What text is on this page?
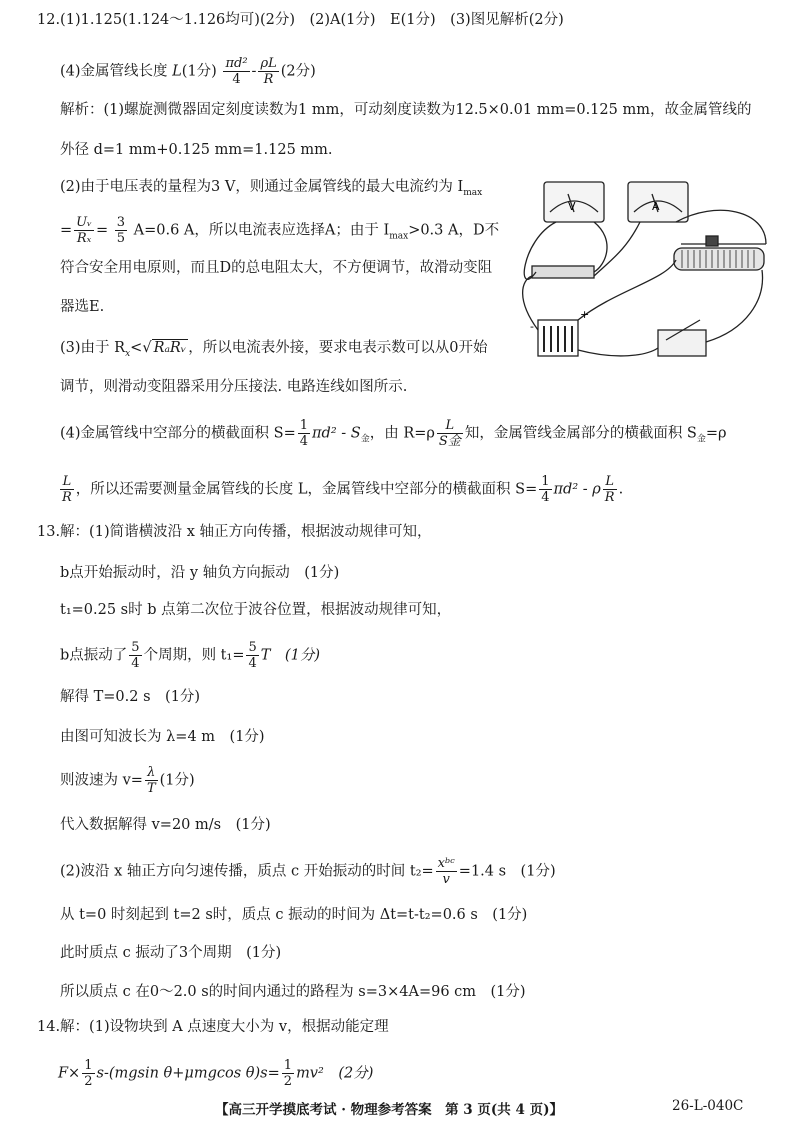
12.(1)1.125(1.124～1.126均可)(2分)　(2)A(1分)　E(1分)　(3)图见解析(2分)
(4)金属管线长度 L(1分) $\frac{\text{πd²}}{4} - \frac{\rho L}{R} (2$分)
解析：(1)螺旋测微器固定刻度读数为1 mm，可动刻度读数为12.5×0.01 mm=0.125 mm，故金属管线的
外径 d=1 mm+0.125 mm=1.125 mm.
(2)由于电压表的量程为3 V，则通过金属管线的最大电流约为 $I_{max}$
= $\frac{\text{Uᵥ}}{\text{Rₓ}} = \frac{3}{5} A=0.6$ A，所以电流表应选择A；由于 $I_{max}>0.3$ A，D不
符合安全用电原则，而且D的总电阻太大，不方便调节，故滑动变阻
器选E.
(3)由于 $R_x<√$ RₐRᵥ ，所以电流表外接，要求电表示数可以从0开始
调节，则滑动变阻器采用分压接法. 电路连线如图所示.
(4)金属管线中空部分的横截面积 $S= \frac{1}{4} \pi d^2 - S_金$，由 $R=\rho \frac{L}{\text{S金}}$ 知，金属管线金属部分的横截面积 $S_金=\rho$
$\frac{L}{R}$ ，所以还需要测量金属管线的长度 L，金属管线中空部分的横截面积 $S= \frac{1}{4} \pi d^2 - \rho \frac{L}{R}$ .
V	A
+
-
13.解：(1)简谐横波沿 x 轴正方向传播，根据波动规律可知，
b点开始振动时，沿 y 轴负方向振动　(1分)
t₁=0.25 s时 b 点第二次位于波谷位置，根据波动规律可知，
b点振动了 $\frac{5}{4}$ 个周期，则 $t_1= \frac{5}{4}$ T　(1分)
解得 T=0.2 s　(1分)
由图可知波长为 λ=4 m　(1分)
则波速为 $v= \frac{\lambda}{T} (1$分)
代入数据解得 v=20 m/s　(1分)
(2)波沿 x 轴正方向匀速传播，质点 c 开始振动的时间 $t_2= \frac{\text{xᵇᶜ}}{v} =1.4$ s　(1分)
从 t=0 时刻起到 t=2 s时，质点 c 振动的时间为 Δt=t-t₂=0.6 s　(1分)
此时质点 c 振动了3个周期　(1分)
所以质点 c 在0～2.0 s的时间内通过的路程为 s=3×4A=96 cm　(1分)
14.解：(1)设物块到 A 点速度大小为 v，根据动能定理
$F\times \frac{1}{2} s-(mgsin$ θ+μmgcos $\theta)s= \frac{1}{2} mv^2$　(2分)
【高三开学摸底考试 · 物理参考答案　第 3 页(共 4 页)】	26-L-040C
